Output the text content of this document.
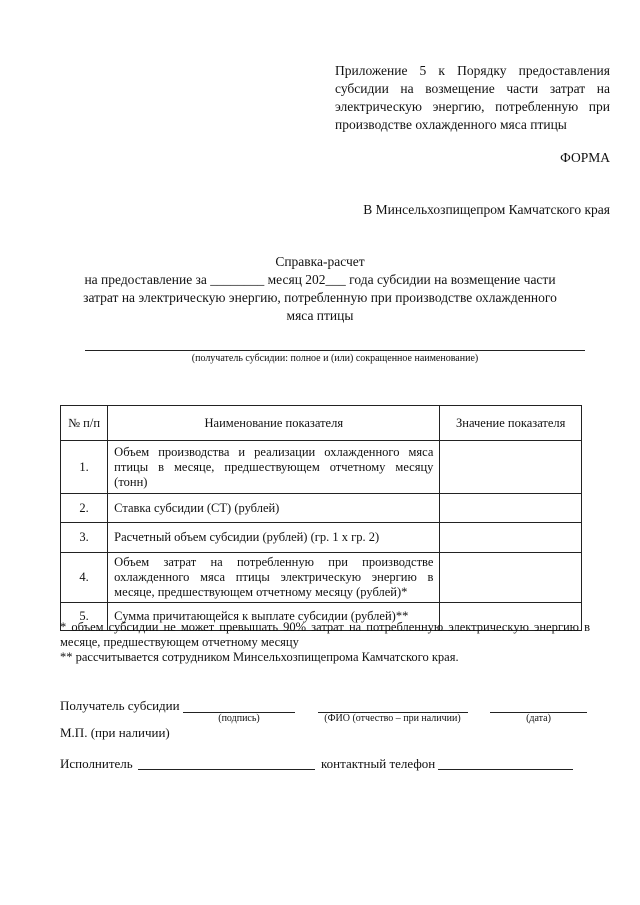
Приложение 5 к Порядку предоставления субсидии на возмещение части затрат на электрическую энергию, потребленную при производстве охлажденного мяса птицы
ФОРМА
В Минсельхозпищепром Камчатского края
Справка-расчет
на предоставление за ________ месяц 202___ года субсидии на возмещение части
затрат на электрическую энергию, потребленную при производстве охлажденного
мяса птицы
(получатель субсидии: полное и (или) сокращенное наименование)
№ п/п	Наименование показателя	Значение показателя
1.	Объем производства и реализации охлажденного мяса птицы в месяце, предшествующем отчетному месяцу (тонн)	
2.	Ставка субсидии (СТ) (рублей)	
3.	Расчетный объем субсидии (рублей) (гр. 1 х гр. 2)	
4.	Объем затрат на потребленную при производстве охлажденного мяса птицы электрическую энергию в месяце, предшествующем отчетному месяцу (рублей)*	
5.	Сумма причитающейся к выплате субсидии (рублей)**	
* объем субсидии не может превышать 90% затрат на потребленную электрическую энергию в месяце, предшествующем отчетному месяцу
** рассчитывается сотрудником Минсельхозпищепрома Камчатского края.
Получатель субсидии
(подпись)	(ФИО (отчество – при наличии)	(дата)
М.П. (при наличии)
Исполнитель	контактный телефон
